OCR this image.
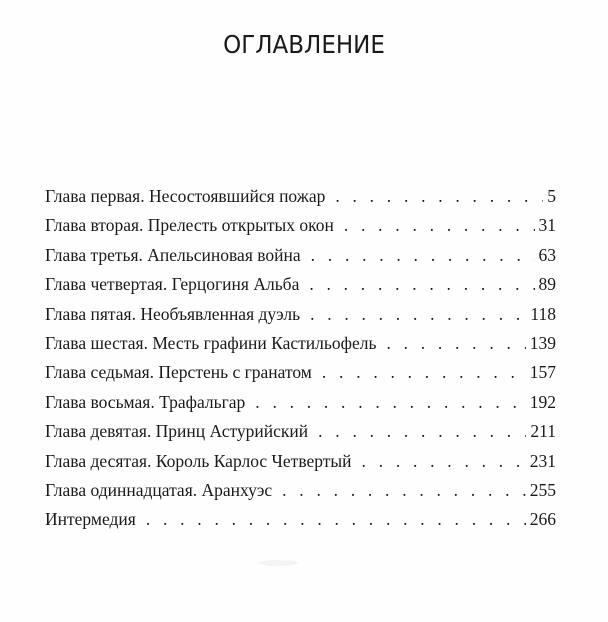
ОГЛАВЛЕНИЕ
Глава первая. Несостоявшийся пожар . . .	5
Глава вторая. Прелесть открытых окон . . .	31
Глава третья. Апельсиновая война . . .	63
Глава четвертая. Герцогиня Альба . . .	89
Глава пятая. Необъявленная дуэль . . .	118
Глава шестая. Месть графини Кастильофель . . .	139
Глава седьмая. Перстень с гранатом . . .	157
Глава восьмая. Трафальгар . . .	192
Глава девятая. Принц Астурийский . . .	211
Глава десятая. Король Карлос Четвертый . . .	231
Глава одиннадцатая. Аранхуэс . . .	255
Интермедия . . .	266
